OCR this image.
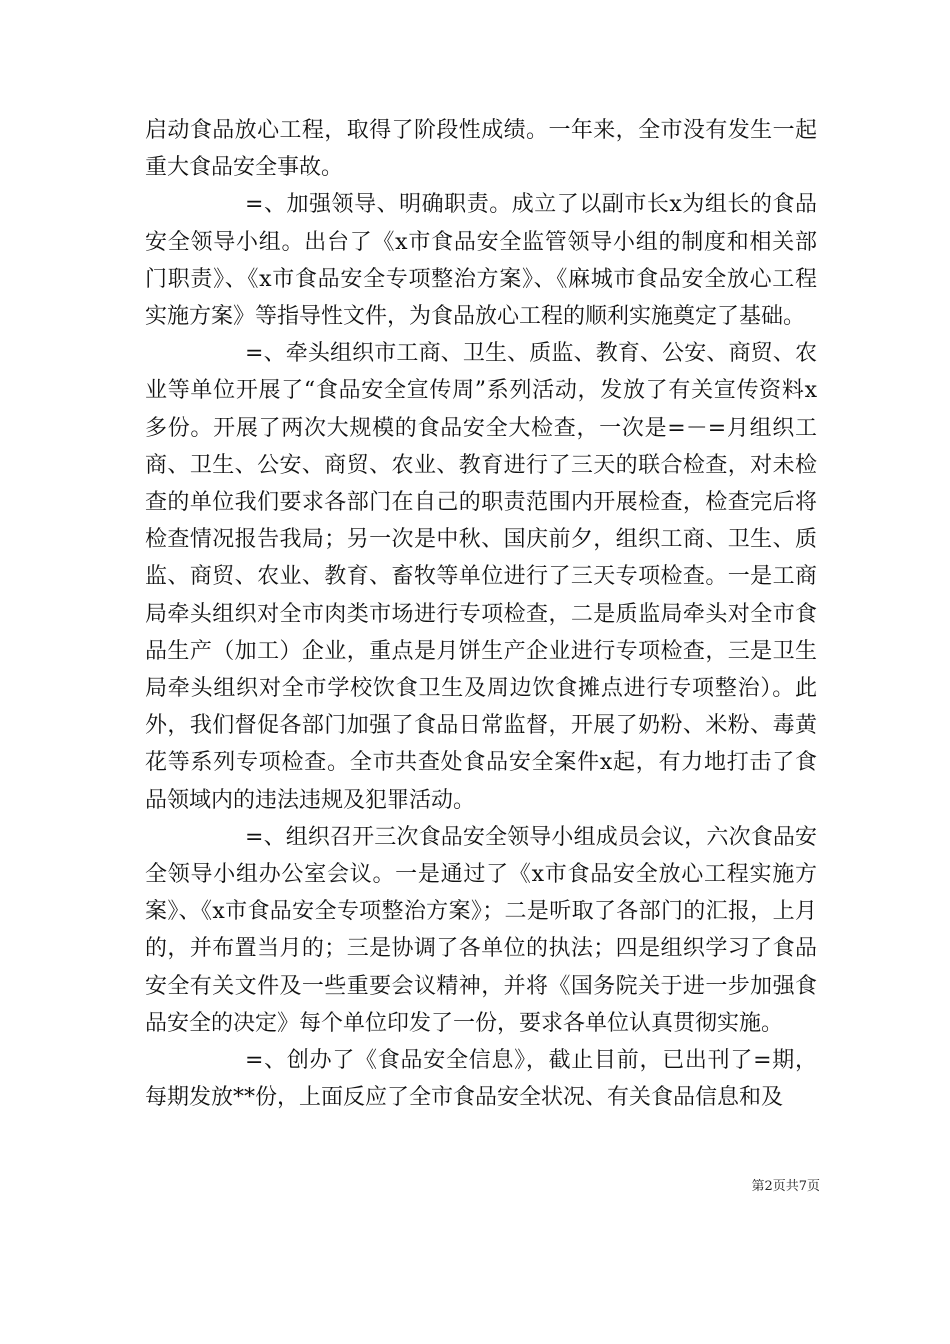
启动食品放心工程，取得了阶段性成绩。一年来，全市没有发生一起重大食品安全事故。

=、加强领导、明确职责。成立了以副市长x为组长的食品安全领导小组。出台了《x市食品安全监管领导小组的制度和相关部门职责》、《x市食品安全专项整治方案》、《麻城市食品安全放心工程实施方案》等指导性文件，为食品放心工程的顺利实施奠定了基础。

=、牵头组织市工商、卫生、质监、教育、公安、商贸、农业等单位开展了“食品安全宣传周”系列活动，发放了有关宣传资料x多份。开展了两次大规模的食品安全大检查，一次是=－=月组织工商、卫生、公安、商贸、农业、教育进行了三天的联合检查，对未检查的单位我们要求各部门在自己的职责范围内开展检查，检查完后将检查情况报告我局；另一次是中秋、国庆前夕，组织工商、卫生、质监、商贸、农业、教育、畜牧等单位进行了三天专项检查。一是工商局牵头组织对全市肉类市场进行专项检查，二是质监局牵头对全市食品生产（加工）企业，重点是月饼生产企业进行专项检查，三是卫生局牵头组织对全市学校饮食卫生及周边饮食摊点进行专项整治）。此外，我们督促各部门加强了食品日常监督，开展了奶粉、米粉、毒黄花等系列专项检查。全市共查处食品安全案件x起，有力地打击了食品领域内的违法违规及犯罪活动。

=、组织召开三次食品安全领导小组成员会议，六次食品安全领导小组办公室会议。一是通过了《x市食品安全放心工程实施方案》、《x市食品安全专项整治方案》；二是听取了各部门的汇报，上月的，并布置当月的；三是协调了各单位的执法；四是组织学习了食品安全有关文件及一些重要会议精神，并将《国务院关于进一步加强食品安全的决定》每个单位印发了一份，要求各单位认真贯彻实施。

=、创办了《食品安全信息》，截止目前，已出刊了=期，每期发放**份，上面反应了全市食品安全状况、有关食品信息和及

第2页共7页
